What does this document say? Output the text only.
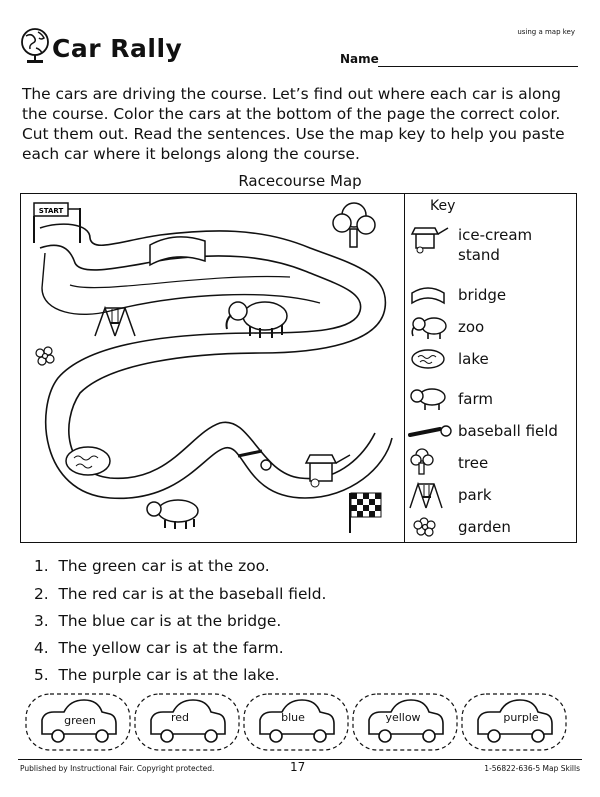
Car Rally
using a map key
Name
The cars are driving the course. Let’s find out where each car is along the course. Color the cars at the bottom of the page the correct color. Cut them out. Read the sentences. Use the map key to help you paste each car where it belongs along the course.
Racecourse Map
START	Key
ice-cream
stand
bridge
zoo
lake
farm
baseball field
tree
park
garden
1. The green car is at the zoo.
2. The red car is at the baseball field.
3. The blue car is at the bridge.
4. The yellow car is at the farm.
5. The purple car is at the lake.
green	red	blue	yellow	purple
Published by Instructional Fair. Copyright protected.	17	1-56822-636-5 Map Skills
